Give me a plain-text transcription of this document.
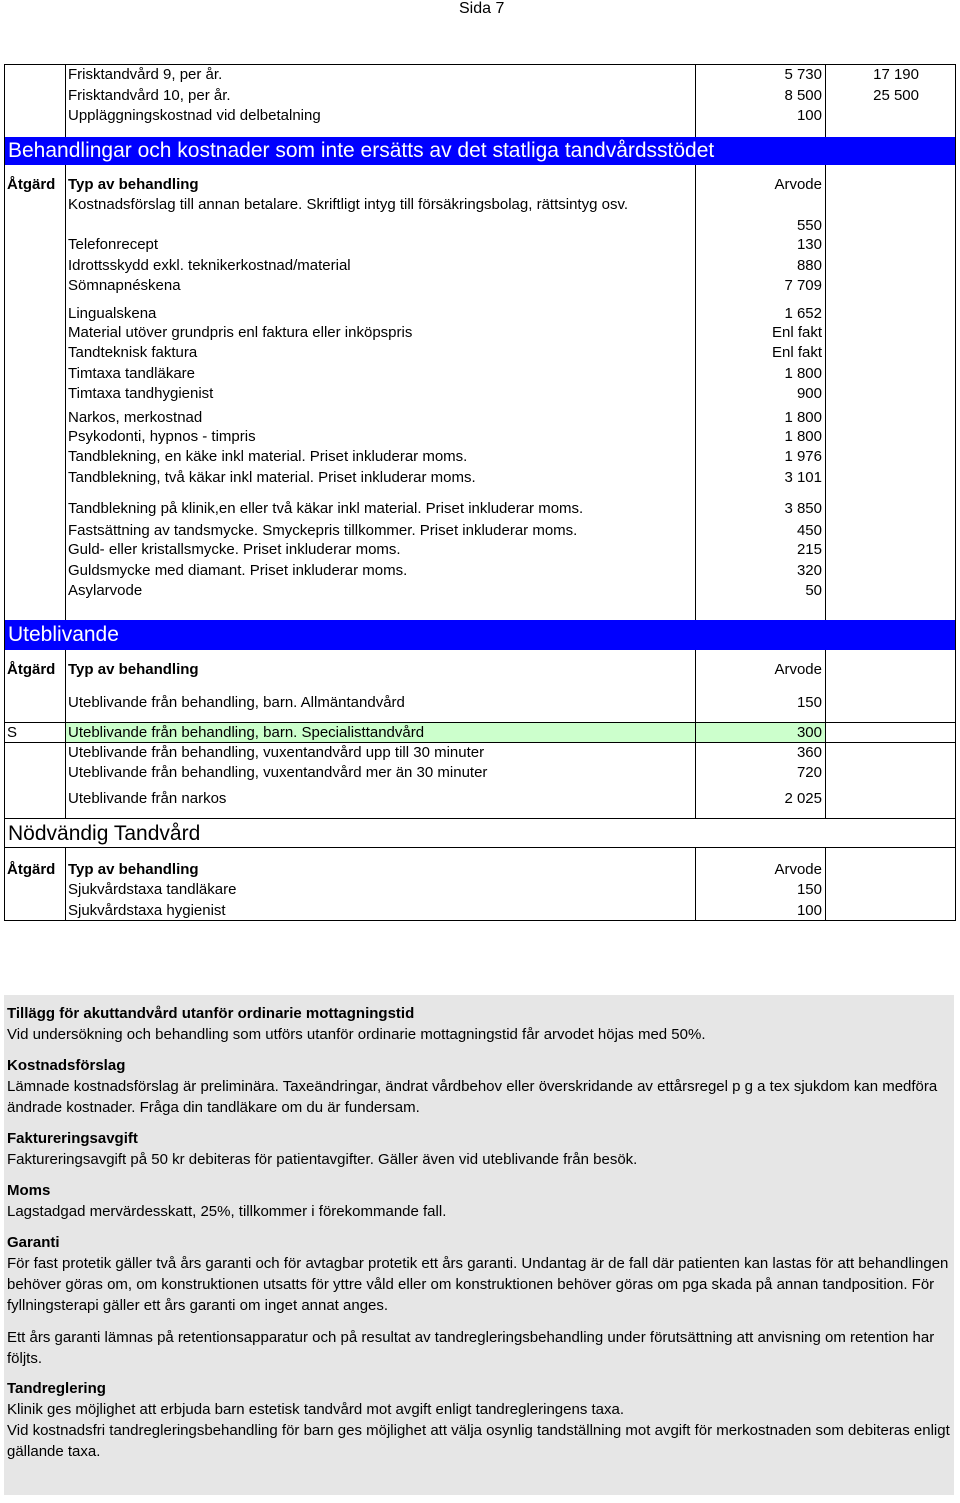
Sida 7
Frisktandvård 9, per år.	5 730	17 190
Frisktandvård 10, per år.	8 500	25 500
Uppläggningskostnad vid delbetalning	100
Behandlingar och kostnader som inte ersätts av det statliga tandvårdsstödet
Åtgärd Typ av behandling	Arvode
Kostnadsförslag till annan betalare. Skriftligt intyg till försäkringsbolag, rättsintyg osv.
550
Telefonrecept	130
Idrottsskydd exkl. teknikerkostnad/material	880
Sömnapnéskena	7 709
Lingualskena	1 652
Material utöver grundpris enl faktura eller inköpspris	Enl fakt
Tandteknisk faktura	Enl fakt
Timtaxa tandläkare	1 800
Timtaxa tandhygienist	900
Narkos, merkostnad	1 800
Psykodonti, hypnos - timpris	1 800
Tandblekning, en käke inkl material. Priset inkluderar moms.	1 976
Tandblekning, två käkar inkl material. Priset inkluderar moms.	3 101
Tandblekning på klinik,en eller två käkar inkl material. Priset inkluderar moms.	3 850
Fastsättning av tandsmycke. Smyckepris tillkommer. Priset inkluderar moms.	450
Guld- eller kristallsmycke. Priset inkluderar moms.	215
Guldsmycke med diamant. Priset inkluderar moms.	320
Asylarvode	50
Uteblivande
Åtgärd Typ av behandling	Arvode
Uteblivande från behandling, barn. Allmäntandvård	150
S	Uteblivande från behandling, barn. Specialisttandvård	300
Uteblivande från behandling, vuxentandvård upp till 30 minuter	360
Uteblivande från behandling, vuxentandvård mer än 30 minuter	720
Uteblivande från narkos	2 025
Nödvändig Tandvård
Åtgärd Typ av behandling	Arvode
Sjukvårdstaxa tandläkare	150
Sjukvårdstaxa hygienist	100
Tillägg för akuttandvård utanför ordinarie mottagningstid

Vid undersökning och behandling som utförs utanför ordinarie mottagningstid får arvodet höjas med 50%.

Kostnadsförslag

Lämnade kostnadsförslag är preliminära. Taxeändringar, ändrat vårdbehov eller överskridande av ettårsregel p g a tex sjukdom kan medföra ändrade kostnader. Fråga din tandläkare om du är fundersam.

Faktureringsavgift

Faktureringsavgift på 50 kr debiteras för patientavgifter. Gäller även vid uteblivande från besök.

Moms

Lagstadgad mervärdesskatt, 25%, tillkommer i förekommande fall.

Garanti

För fast protetik gäller två års garanti och för avtagbar protetik ett års garanti. Undantag är de fall där patienten kan lastas för att behandlingen behöver göras om, om konstruktionen utsatts för yttre våld eller om konstruktionen behöver göras om pga skada på annan tandposition. För fyllningsterapi gäller ett års garanti om inget annat anges.

Ett års garanti lämnas på retentionsapparatur och på resultat av tandregleringsbehandling under förutsättning att anvisning om retention har följts.

Tandreglering

Klinik ges möjlighet att erbjuda barn estetisk tandvård mot avgift enligt tandregleringens taxa.

Vid kostnadsfri tandregleringsbehandling för barn ges möjlighet att välja osynlig tandställning mot avgift för merkostnaden som debiteras enligt gällande taxa.
